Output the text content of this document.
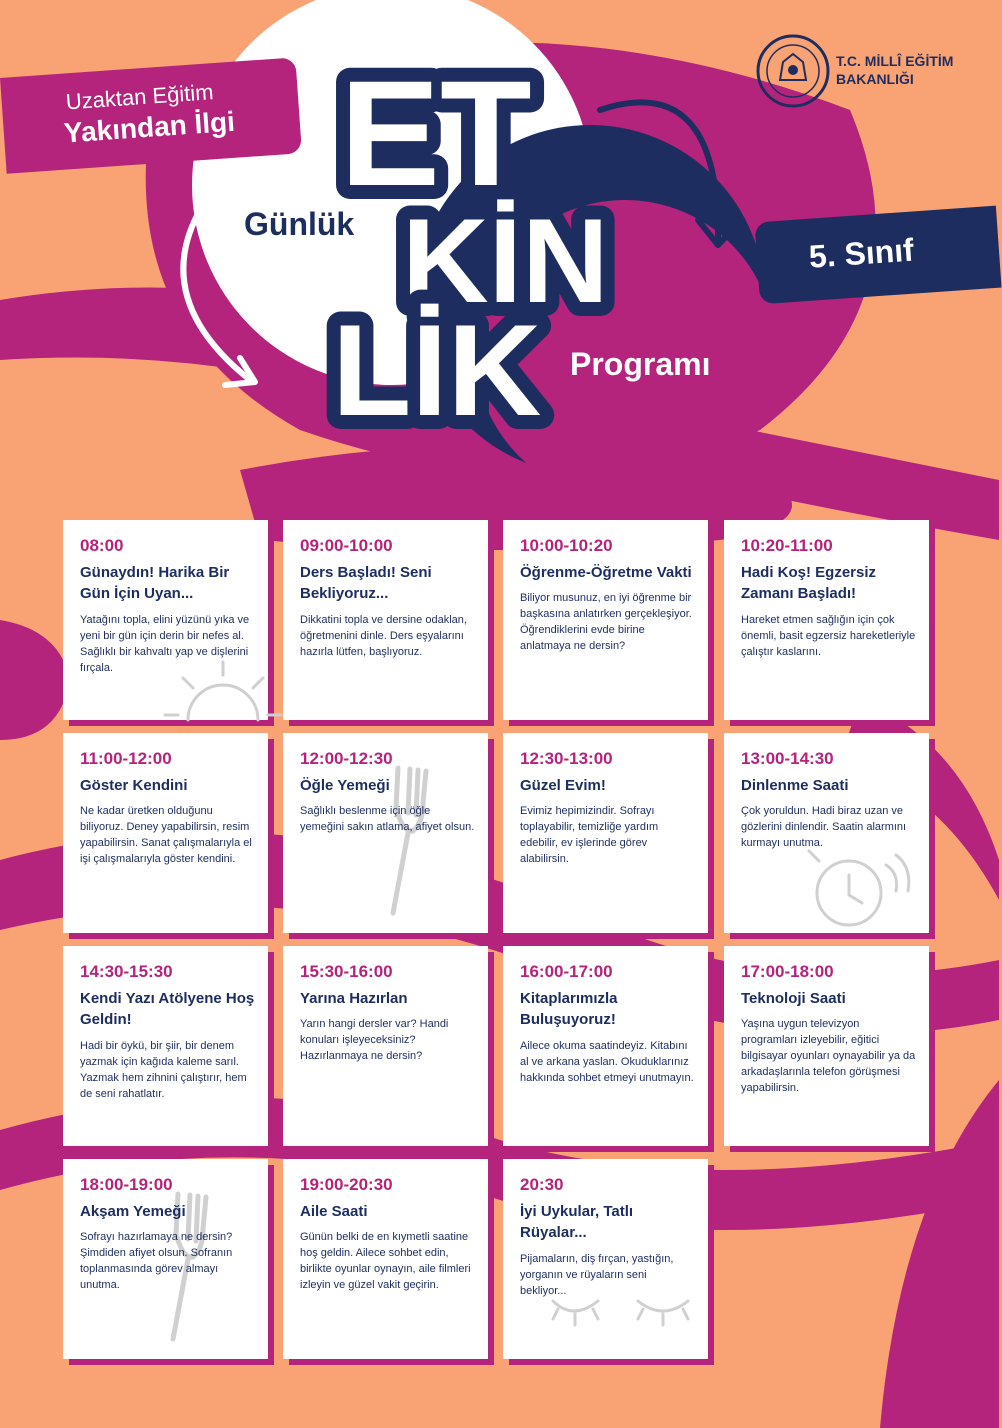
Uzaktan Eğitim
Yakından İlgi
Günlük
ET
KİN
LİK Programı
5. Sınıf
T.C. MİLLÎ EĞİTİM
BAKANLIĞI
08:00
Günaydın! Harika Bir Gün İçin Uyan...
Yatağını topla, elini yüzünü yıka ve yeni bir gün için derin bir nefes al. Sağlıklı bir kahvaltı yap ve dişlerini fırçala.
09:00-10:00
Ders Başladı! Seni Bekliyoruz...
Dikkatini topla ve dersine odaklan, öğretmenini dinle. Ders eşyalarını hazırla lütfen, başlıyoruz.
10:00-10:20
Öğrenme-Öğretme Vakti
Biliyor musunuz, en iyi öğrenme bir başkasına anlatırken gerçekleşiyor. Öğrendiklerini evde birine anlatmaya ne dersin?
10:20-11:00
Hadi Koş! Egzersiz Zamanı Başladı!
Hareket etmen sağlığın için çok önemli, basit egzersiz hareketleriyle çalıştır kaslarını.
11:00-12:00
Göster Kendini
Ne kadar üretken olduğunu biliyoruz. Deney yapabilirsin, resim yapabilirsin. Sanat çalışmalarıyla el işi çalışmalarıyla göster kendini.
12:00-12:30
Öğle Yemeği
Sağlıklı beslenme için öğle yemeğini sakın atlama, afiyet olsun.
12:30-13:00
Güzel Evim!
Evimiz hepimizindir. Sofrayı toplayabilir, temizliğe yardım edebilir, ev işlerinde görev alabilirsin.
13:00-14:30
Dinlenme Saati
Çok yoruldun. Hadi biraz uzan ve gözlerini dinlendir. Saatin alarmını kurmayı unutma.
14:30-15:30
Kendi Yazı Atölyene Hoş Geldin!
Hadi bir öykü, bir şiir, bir denem yazmak için kağıda kaleme sarıl. Yazmak hem zihnini çalıştırır, hem de seni rahatlatır.
15:30-16:00
Yarına Hazırlan
Yarın hangi dersler var? Handi konuları işleyeceksiniz? Hazırlanmaya ne dersin?
16:00-17:00
Kitaplarımızla Buluşuyoruz!
Ailece okuma saatindeyiz. Kitabını al ve arkana yaslan. Okuduklarınız hakkında sohbet etmeyi unutmayın.
17:00-18:00
Teknoloji Saati
Yaşına uygun televizyon programları izleyebilir, eğitici bilgisayar oyunları oynayabilir ya da arkadaşlarınla telefon görüşmesi yapabilirsin.
18:00-19:00
Akşam Yemeği
Sofrayı hazırlamaya ne dersin? Şimdiden afiyet olsun. Sofranın toplanmasında görev almayı unutma.
19:00-20:30
Aile Saati
Günün belki de en kıymetli saatine hoş geldin. Ailece sohbet edin, birlikte oyunlar oynayın, aile filmleri izleyin ve güzel vakit geçirin.
20:30
İyi Uykular, Tatlı Rüyalar...
Pijamaların, diş fırçan, yastığın, yorganın ve rüyaların seni bekliyor...
